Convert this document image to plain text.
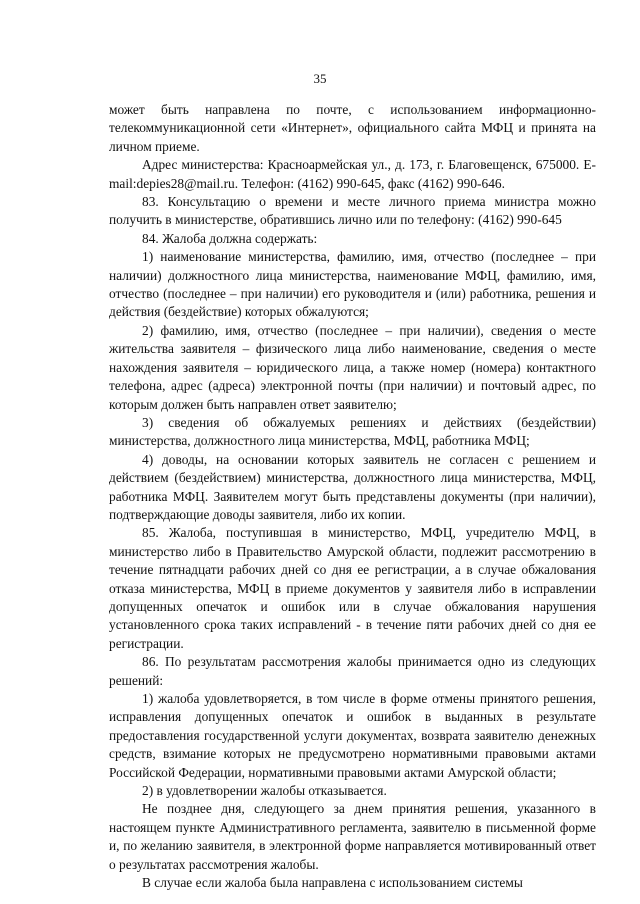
35

может быть направлена по почте, с использованием информационно-телекоммуникационной сети «Интернет», официального сайта МФЦ и принята на личном приеме.

Адрес министерства: Красноармейская ул., д. 173, г. Благовещенск, 675000. E-mail:depies28@mail.ru. Телефон: (4162) 990-645, факс (4162) 990-646.

83. Консультацию о времени и месте личного приема министра можно получить в министерстве, обратившись лично или по телефону: (4162) 990-645

84. Жалоба должна содержать:

1) наименование министерства, фамилию, имя, отчество (последнее – при наличии) должностного лица министерства, наименование МФЦ, фамилию, имя, отчество (последнее – при наличии) его руководителя и (или) работника, решения и действия (бездействие) которых обжалуются;

2) фамилию, имя, отчество (последнее – при наличии), сведения о месте жительства заявителя – физического лица либо наименование, сведения о месте нахождения заявителя – юридического лица, а также номер (номера) контактного телефона, адрес (адреса) электронной почты (при наличии) и почтовый адрес, по которым должен быть направлен ответ заявителю;

3) сведения об обжалуемых решениях и действиях (бездействии) министерства, должностного лица министерства, МФЦ, работника МФЦ;

4) доводы, на основании которых заявитель не согласен с решением и действием (бездействием) министерства, должностного лица министерства, МФЦ, работника МФЦ. Заявителем могут быть представлены документы (при наличии), подтверждающие доводы заявителя, либо их копии.

85. Жалоба, поступившая в министерство, МФЦ, учредителю МФЦ, в министерство либо в Правительство Амурской области, подлежит рассмотрению в течение пятнадцати рабочих дней со дня ее регистрации, а в случае обжалования отказа министерства, МФЦ в приеме документов у заявителя либо в исправлении допущенных опечаток и ошибок или в случае обжалования нарушения установленного срока таких исправлений - в течение пяти рабочих дней со дня ее регистрации.

86. По результатам рассмотрения жалобы принимается одно из следующих решений:

1) жалоба удовлетворяется, в том числе в форме отмены принятого решения, исправления допущенных опечаток и ошибок в выданных в результате предоставления государственной услуги документах, возврата заявителю денежных средств, взимание которых не предусмотрено нормативными правовыми актами Российской Федерации, нормативными правовыми актами Амурской области;

2) в удовлетворении жалобы отказывается.

Не позднее дня, следующего за днем принятия решения, указанного в настоящем пункте Административного регламента, заявителю в письменной форме и, по желанию заявителя, в электронной форме направляется мотивированный ответ о результатах рассмотрения жалобы.

В случае если жалоба была направлена с использованием системы
